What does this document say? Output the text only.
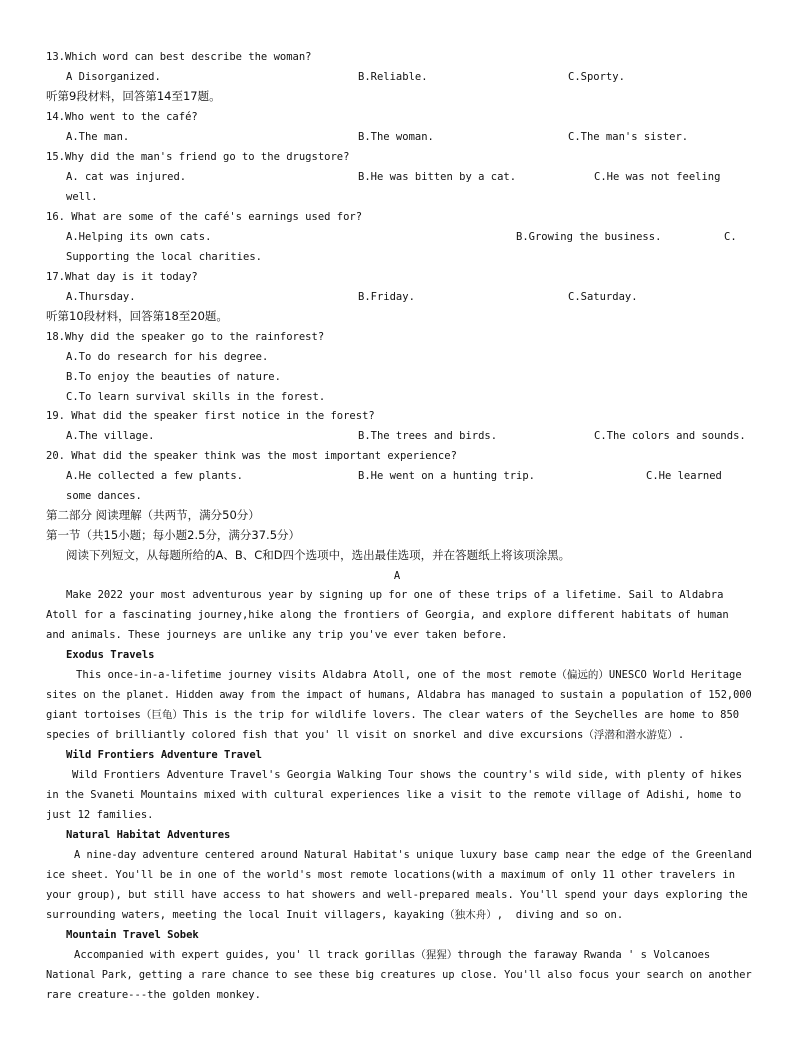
13.Which word can best describe the woman?
A Disorganized.	B.Reliable.	C.Sporty.
听第9段材料，回答第14至17题。
14.Who went to the café?
A.The man.	B.The woman.	C.The man's sister.
15.Why did the man's friend go to the drugstore?
A. cat was injured.	B.He was bitten by a cat.	C.He was not feeling
well.
16. What are some of the café's earnings used for?
A.Helping its own cats.	B.Growing the business.	C.
Supporting the local charities.
17.What day is it today?
A.Thursday.	B.Friday.	C.Saturday.
听第10段材料，回答第18至20题。
18.Why did the speaker go to the rainforest?
A.To do research for his degree.
B.To enjoy the beauties of nature.
C.To learn survival skills in the forest.
19. What did the speaker first notice in the forest?
A.The village.	B.The trees and birds.	C.The colors and sounds.
20. What did the speaker think was the most important experience?
A.He collected a few plants.	B.He went on a hunting trip.	C.He learned
some dances.
第二部分 阅读理解（共两节，满分50分）
第一节（共15小题；每小题2.5分，满分37.5分）
阅读下列短文，从每题所给的A、B、C和D四个选项中，选出最佳选项，并在答题纸上将该项涂黑。
A
Make 2022 your most adventurous year by signing up for one of these trips of a lifetime. Sail to Aldabra
Atoll for a fascinating journey,hike along the frontiers of Georgia, and explore different habitats of human
and animals. These journeys are unlike any trip you've ever taken before.
Exodus Travels
This once-in-a-lifetime journey visits Aldabra Atoll, one of the most remote（偏远的）UNESCO World Heritage
sites on the planet. Hidden away from the impact of humans, Aldabra has managed to sustain a population of 152,000
giant tortoises（巨龟）This is the trip for wildlife lovers. The clear waters of the Seychelles are home to 850
species of brilliantly colored fish that you' ll visit on snorkel and dive excursions（浮潜和潜水游览）.
Wild Frontiers Adventure Travel
Wild Frontiers Adventure Travel's Georgia Walking Tour shows the country's wild side, with plenty of hikes
in the Svaneti Mountains mixed with cultural experiences like a visit to the remote village of Adishi, home to
just 12 families.
Natural Habitat Adventures
A nine-day adventure centered around Natural Habitat's unique luxury base camp near the edge of the Greenland
ice sheet. You'll be in one of the world's most remote locations(with a maximum of only 11 other travelers in
your group), but still have access to hat showers and well-prepared meals. You'll spend your days exploring the
surrounding waters, meeting the local Inuit villagers, kayaking（独木舟）,  diving and so on.
Mountain Travel Sobek
Accompanied with expert guides, you' ll track gorillas（猩猩）through the faraway Rwanda ' s Volcanoes
National Park, getting a rare chance to see these big creatures up close. You'll also focus your search on another
rare creature---the golden monkey.
